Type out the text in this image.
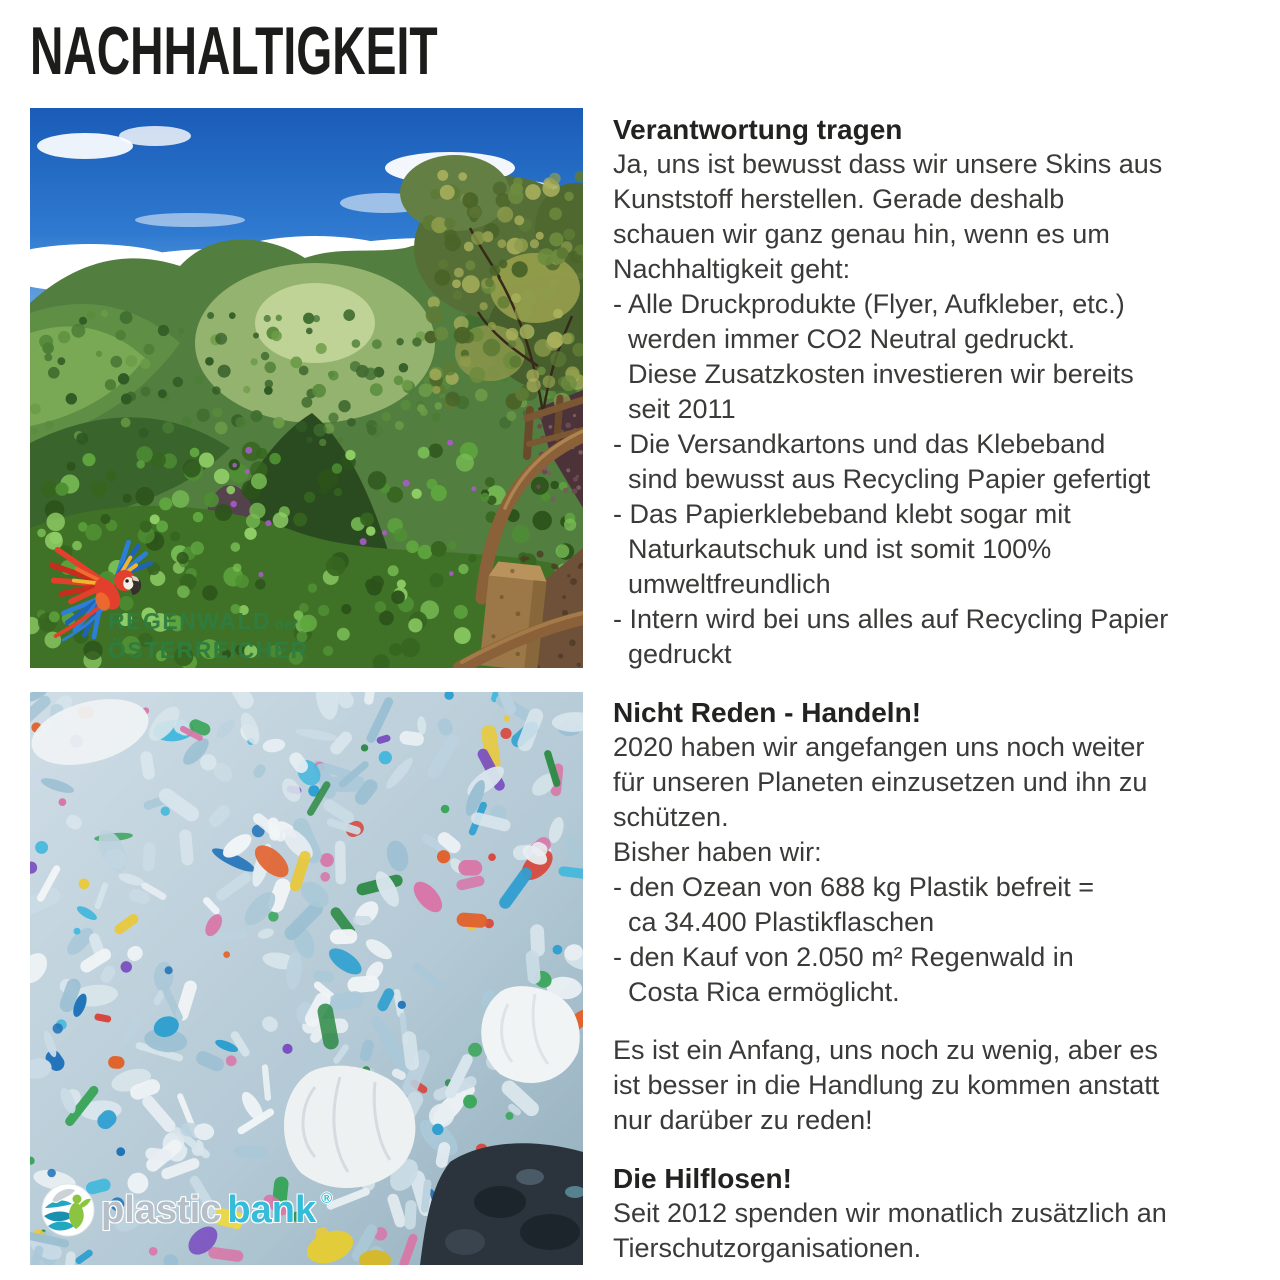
NACHHALTIGKEIT
REGENWALD der
ÖSTERREICHER
plastic bank ®
Verantwortung tragen
Ja, uns ist bewusst dass wir unsere Skins aus
Kunststoff herstellen. Gerade deshalb
schauen wir ganz genau hin, wenn es um
Nachhaltigkeit geht:
- Alle Druckprodukte (Flyer, Aufkleber, etc.)
werden immer CO2 Neutral gedruckt.
Diese Zusatzkosten investieren wir bereits
seit 2011
- Die Versandkartons und das Klebeband
sind bewusst aus Recycling Papier gefertigt
- Das Papierklebeband klebt sogar mit
Naturkautschuk und ist somit 100%
umweltfreundlich
- Intern wird bei uns alles auf Recycling Papier
gedruckt
Nicht Reden - Handeln!
2020 haben wir angefangen uns noch weiter
für unseren Planeten einzusetzen und ihn zu
schützen.
Bisher haben wir:
- den Ozean von 688 kg Plastik befreit =
ca 34.400 Plastikflaschen
- den Kauf von 2.050 m² Regenwald in
Costa Rica ermöglicht.
Es ist ein Anfang, uns noch zu wenig, aber es
ist besser in die Handlung zu kommen anstatt
nur darüber zu reden!
Die Hilflosen!
Seit 2012 spenden wir monatlich zusätzlich an
Tierschutzorganisationen.
